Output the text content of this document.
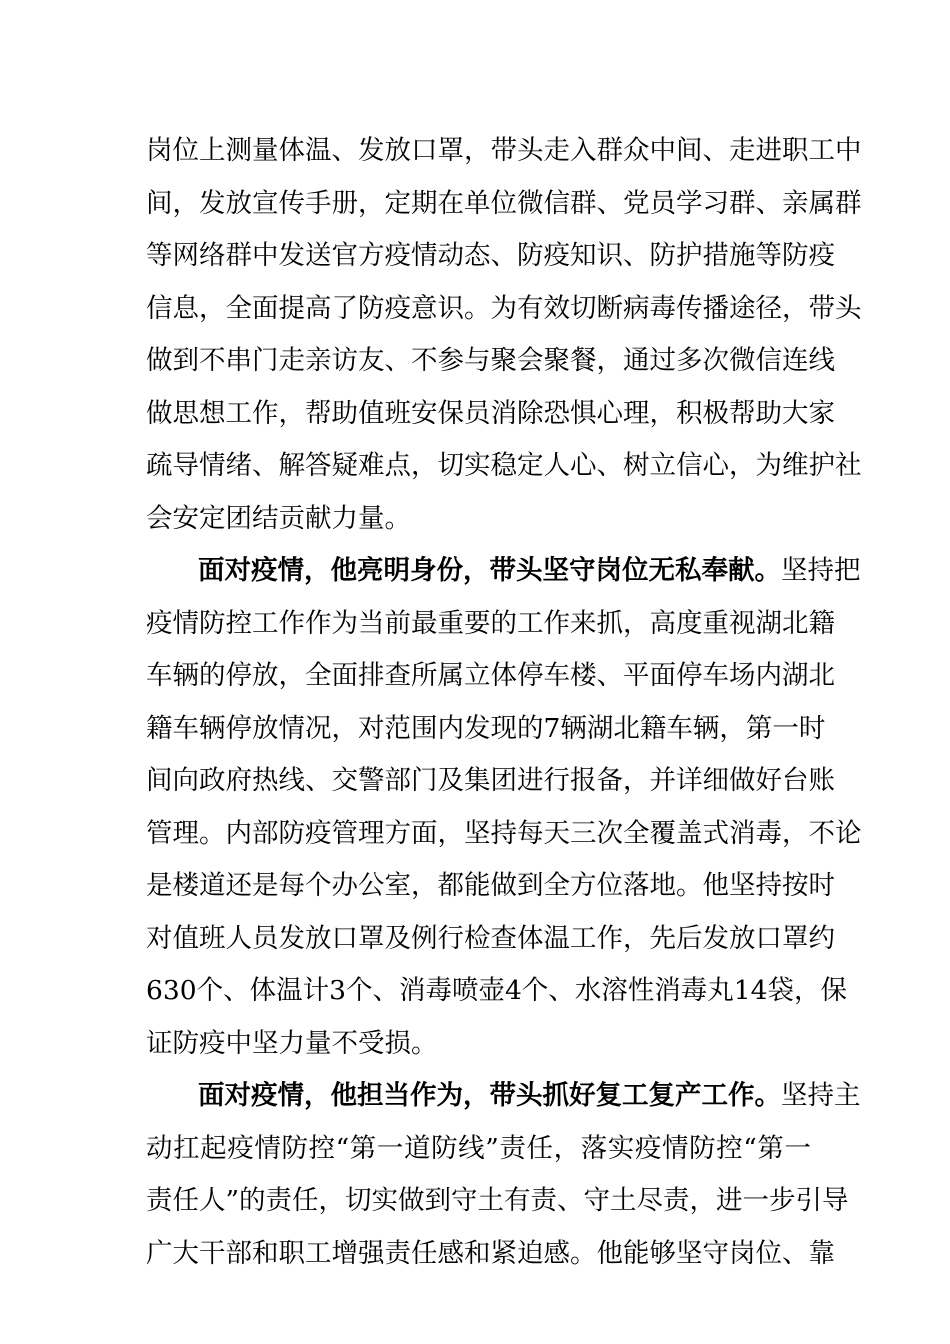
岗位上测量体温、发放口罩，带头走入群众中间、走进职工中
间，发放宣传手册，定期在单位微信群、党员学习群、亲属群
等网络群中发送官方疫情动态、防疫知识、防护措施等防疫
信息，全面提高了防疫意识。为有效切断病毒传播途径，带头
做到不串门走亲访友、不参与聚会聚餐，通过多次微信连线
做思想工作，帮助值班安保员消除恐惧心理，积极帮助大家
疏导情绪、解答疑难点，切实稳定人心、树立信心，为维护社
会安定团结贡献力量。
面对疫情，他亮明身份，带头坚守岗位无私奉献。坚持把
疫情防控工作作为当前最重要的工作来抓，高度重视湖北籍
车辆的停放，全面排查所属立体停车楼、平面停车场内湖北
籍车辆停放情况，对范围内发现的7辆湖北籍车辆，第一时
间向政府热线、交警部门及集团进行报备，并详细做好台账
管理。内部防疫管理方面，坚持每天三次全覆盖式消毒，不论
是楼道还是每个办公室，都能做到全方位落地。他坚持按时
对值班人员发放口罩及例行检查体温工作，先后发放口罩约
630个、体温计3个、消毒喷壶4个、水溶性消毒丸14袋，保
证防疫中坚力量不受损。
面对疫情，他担当作为，带头抓好复工复产工作。坚持主
动扛起疫情防控“第一道防线”责任，落实疫情防控“第一
责任人”的责任，切实做到守土有责、守土尽责，进一步引导
广大干部和职工增强责任感和紧迫感。他能够坚守岗位、靠
